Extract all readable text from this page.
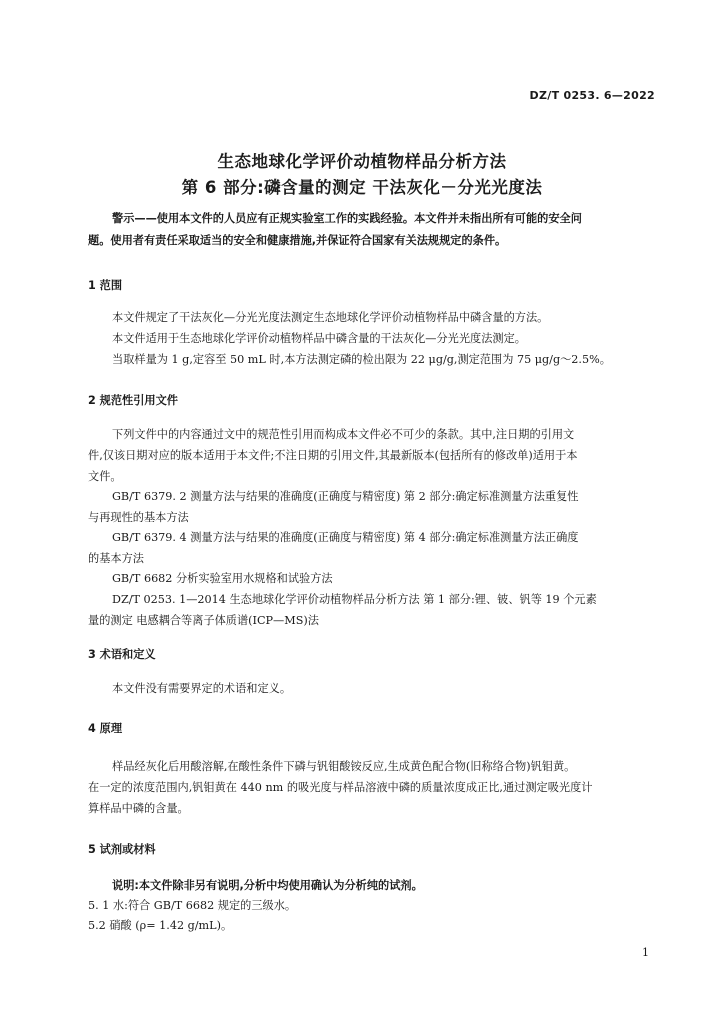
DZ/T 0253. 6—2022
生态地球化学评价动植物样品分析方法
第 6 部分:磷含量的测定 干法灰化－分光光度法
警示——使用本文件的人员应有正规实验室工作的实践经验。本文件并未指出所有可能的安全问
题。使用者有责任采取适当的安全和健康措施,并保证符合国家有关法规规定的条件。
1 范围
本文件规定了干法灰化—分光光度法测定生态地球化学评价动植物样品中磷含量的方法。
本文件适用于生态地球化学评价动植物样品中磷含量的干法灰化—分光光度法测定。
当取样量为 1 g,定容至 50 mL 时,本方法测定磷的检出限为 22 μg/g,测定范围为 75 μg/g～2.5%。
2 规范性引用文件
下列文件中的内容通过文中的规范性引用而构成本文件必不可少的条款。其中,注日期的引用文
件,仅该日期对应的版本适用于本文件;不注日期的引用文件,其最新版本(包括所有的修改单)适用于本
文件。
GB/T 6379. 2 测量方法与结果的准确度(正确度与精密度) 第 2 部分:确定标准测量方法重复性
与再现性的基本方法
GB/T 6379. 4 测量方法与结果的准确度(正确度与精密度) 第 4 部分:确定标准测量方法正确度
的基本方法
GB/T 6682 分析实验室用水规格和试验方法
DZ/T 0253. 1—2014 生态地球化学评价动植物样品分析方法 第 1 部分:锂、铍、钒等 19 个元素
量的测定 电感耦合等离子体质谱(ICP—MS)法
3 术语和定义
本文件没有需要界定的术语和定义。
4 原理
样品经灰化后用酸溶解,在酸性条件下磷与钒钼酸铵反应,生成黄色配合物(旧称络合物)钒钼黄。
在一定的浓度范围内,钒钼黄在 440 nm 的吸光度与样品溶液中磷的质量浓度成正比,通过测定吸光度计
算样品中磷的含量。
5 试剂或材料
说明:本文件除非另有说明,分析中均使用确认为分析纯的试剂。
5. 1 水:符合 GB/T 6682 规定的三级水。
5.2 硝酸 (ρ= 1.42 g/mL)。
1
